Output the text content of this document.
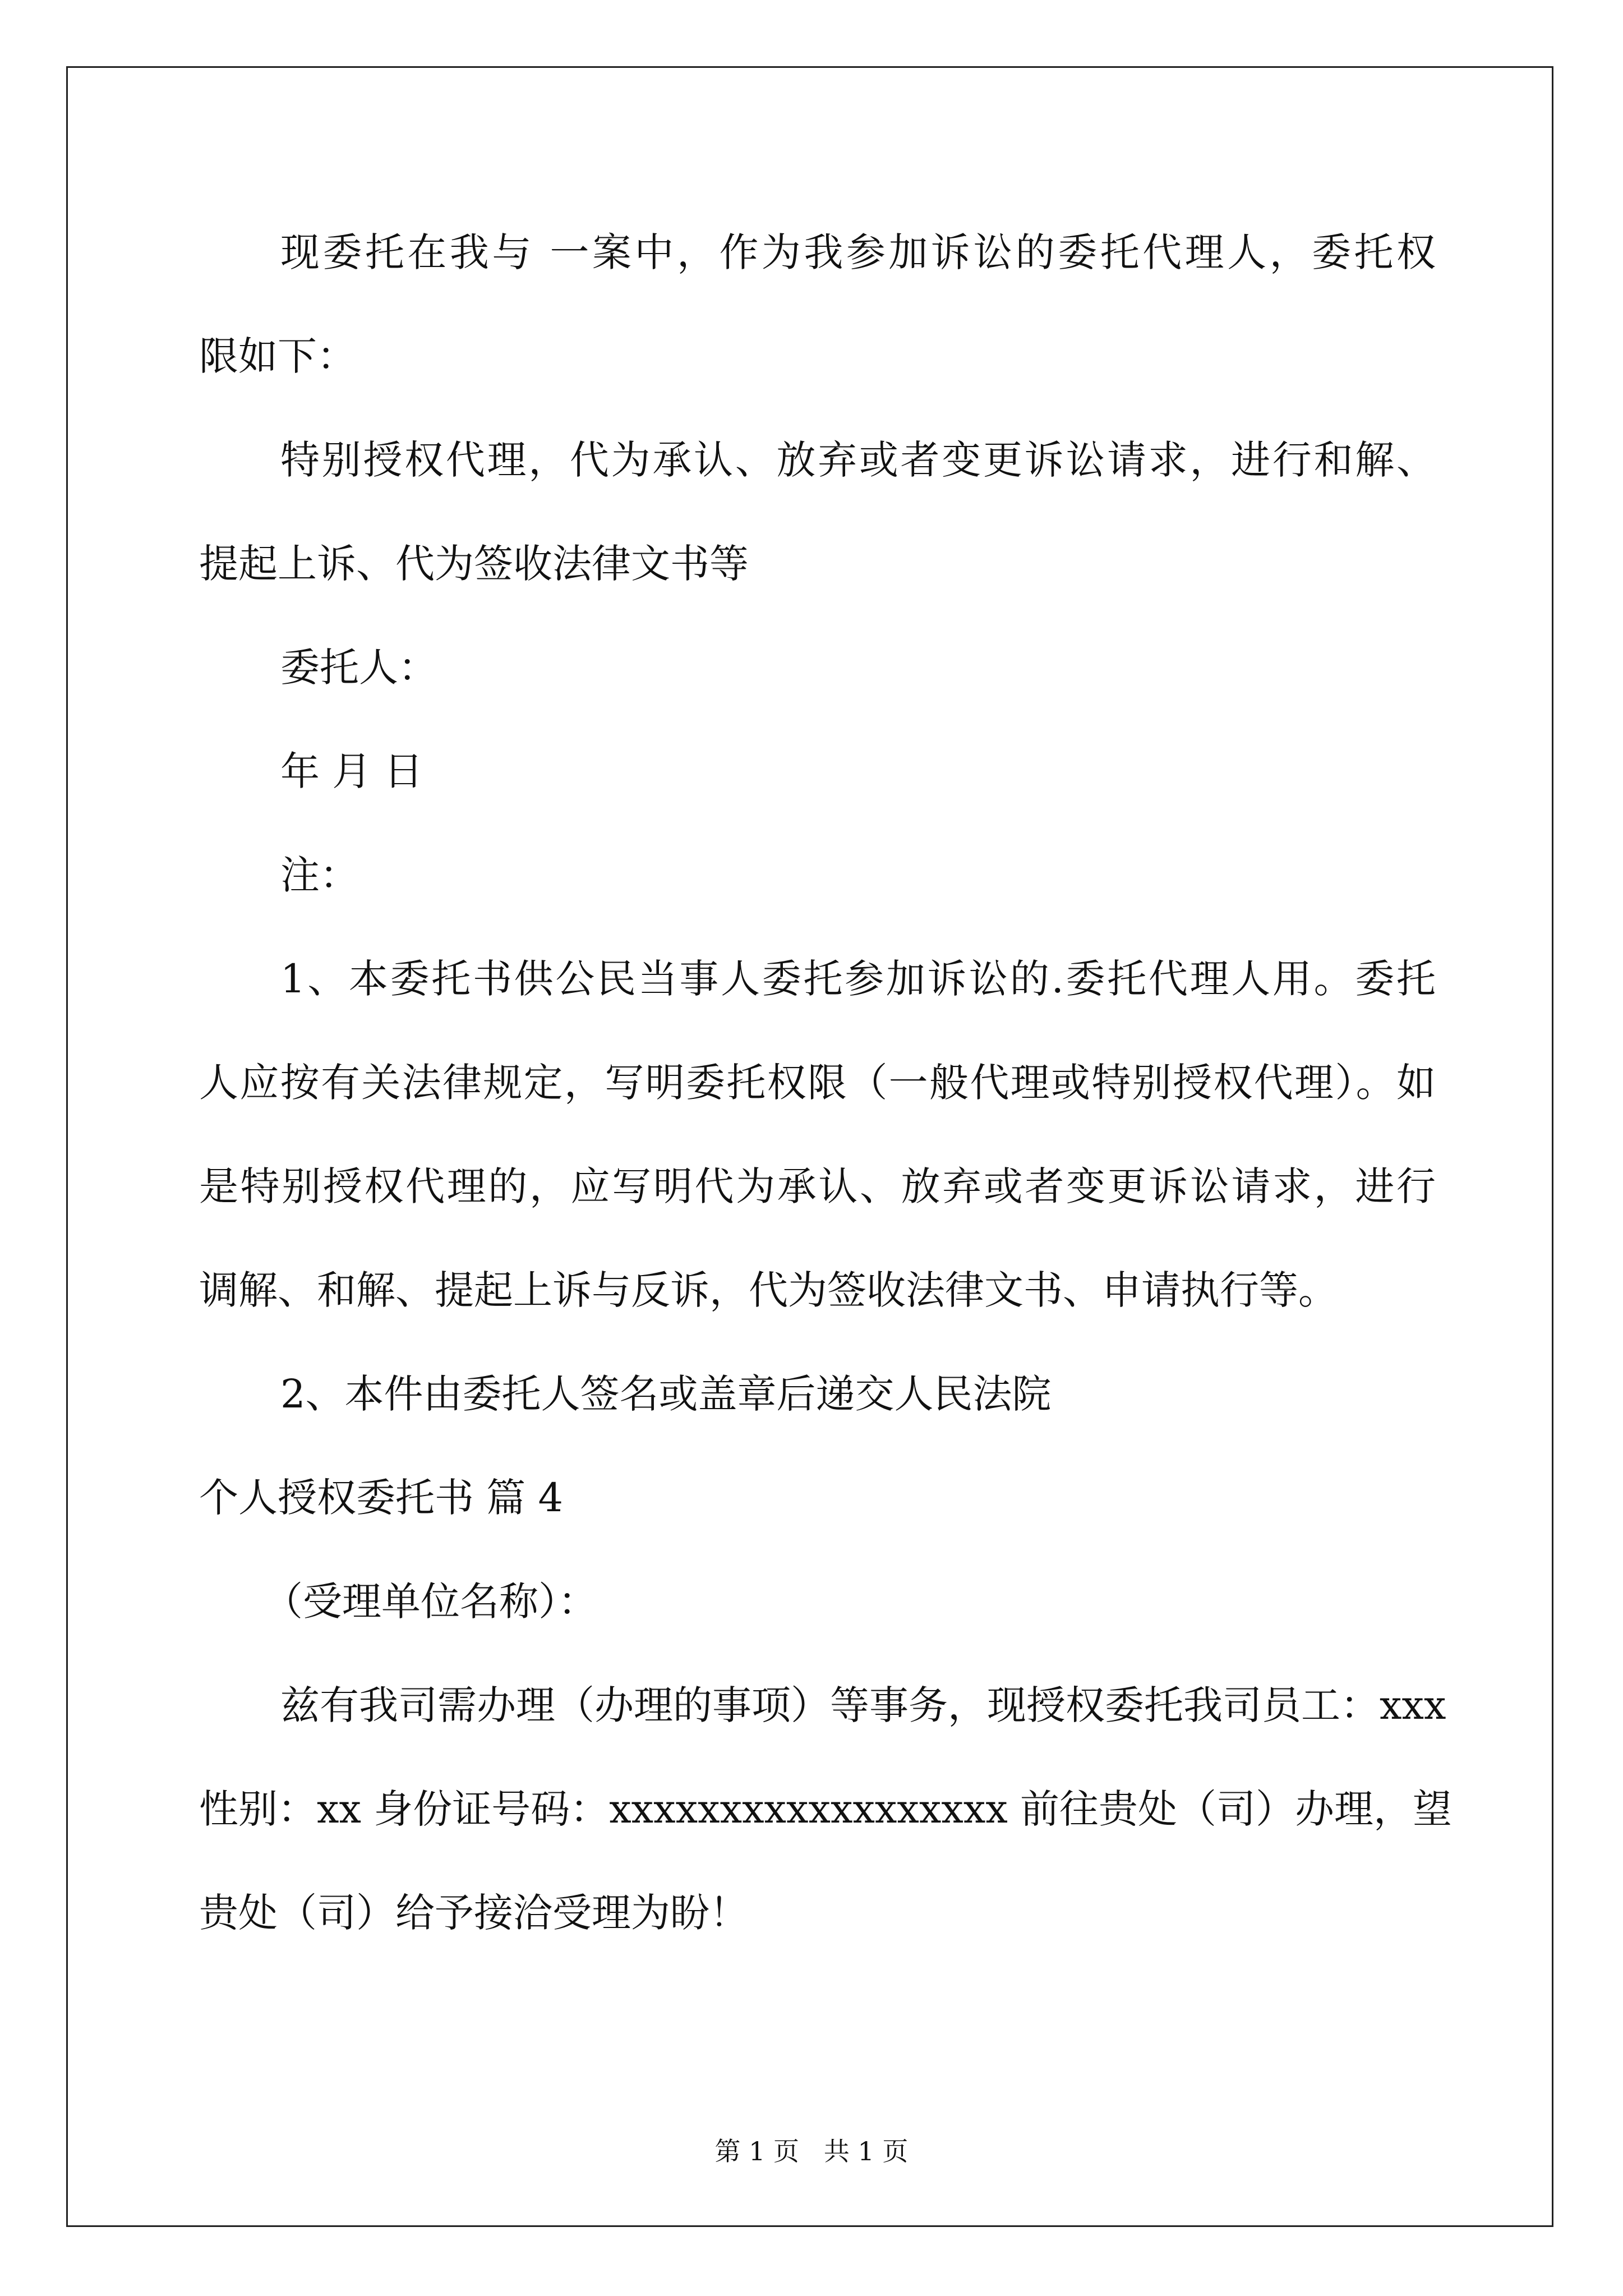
现委托在我与 一案中，作为我参加诉讼的委托代理人，委托权

限如下：

特别授权代理，代为承认、放弃或者变更诉讼请求，进行和解、

提起上诉、代为签收法律文书等

委托人：

年 月 日

注：

1、本委托书供公民当事人委托参加诉讼的.委托代理人用。委托

人应按有关法律规定，写明委托权限（一般代理或特别授权代理）。如

是特别授权代理的，应写明代为承认、放弃或者变更诉讼请求，进行

调解、和解、提起上诉与反诉，代为签收法律文书、申请执行等。

2、本件由委托人签名或盖章后递交人民法院

个人授权委托书 篇 4

（受理单位名称）：

兹有我司需办理（办理的事项）等事务，现授权委托我司员工：xxx

性别：xx 身份证号码：xxxxxxxxxxxxxxxxxx 前往贵处（司）办理，望

贵处（司）给予接洽受理为盼！

第 1 页   共 1 页
